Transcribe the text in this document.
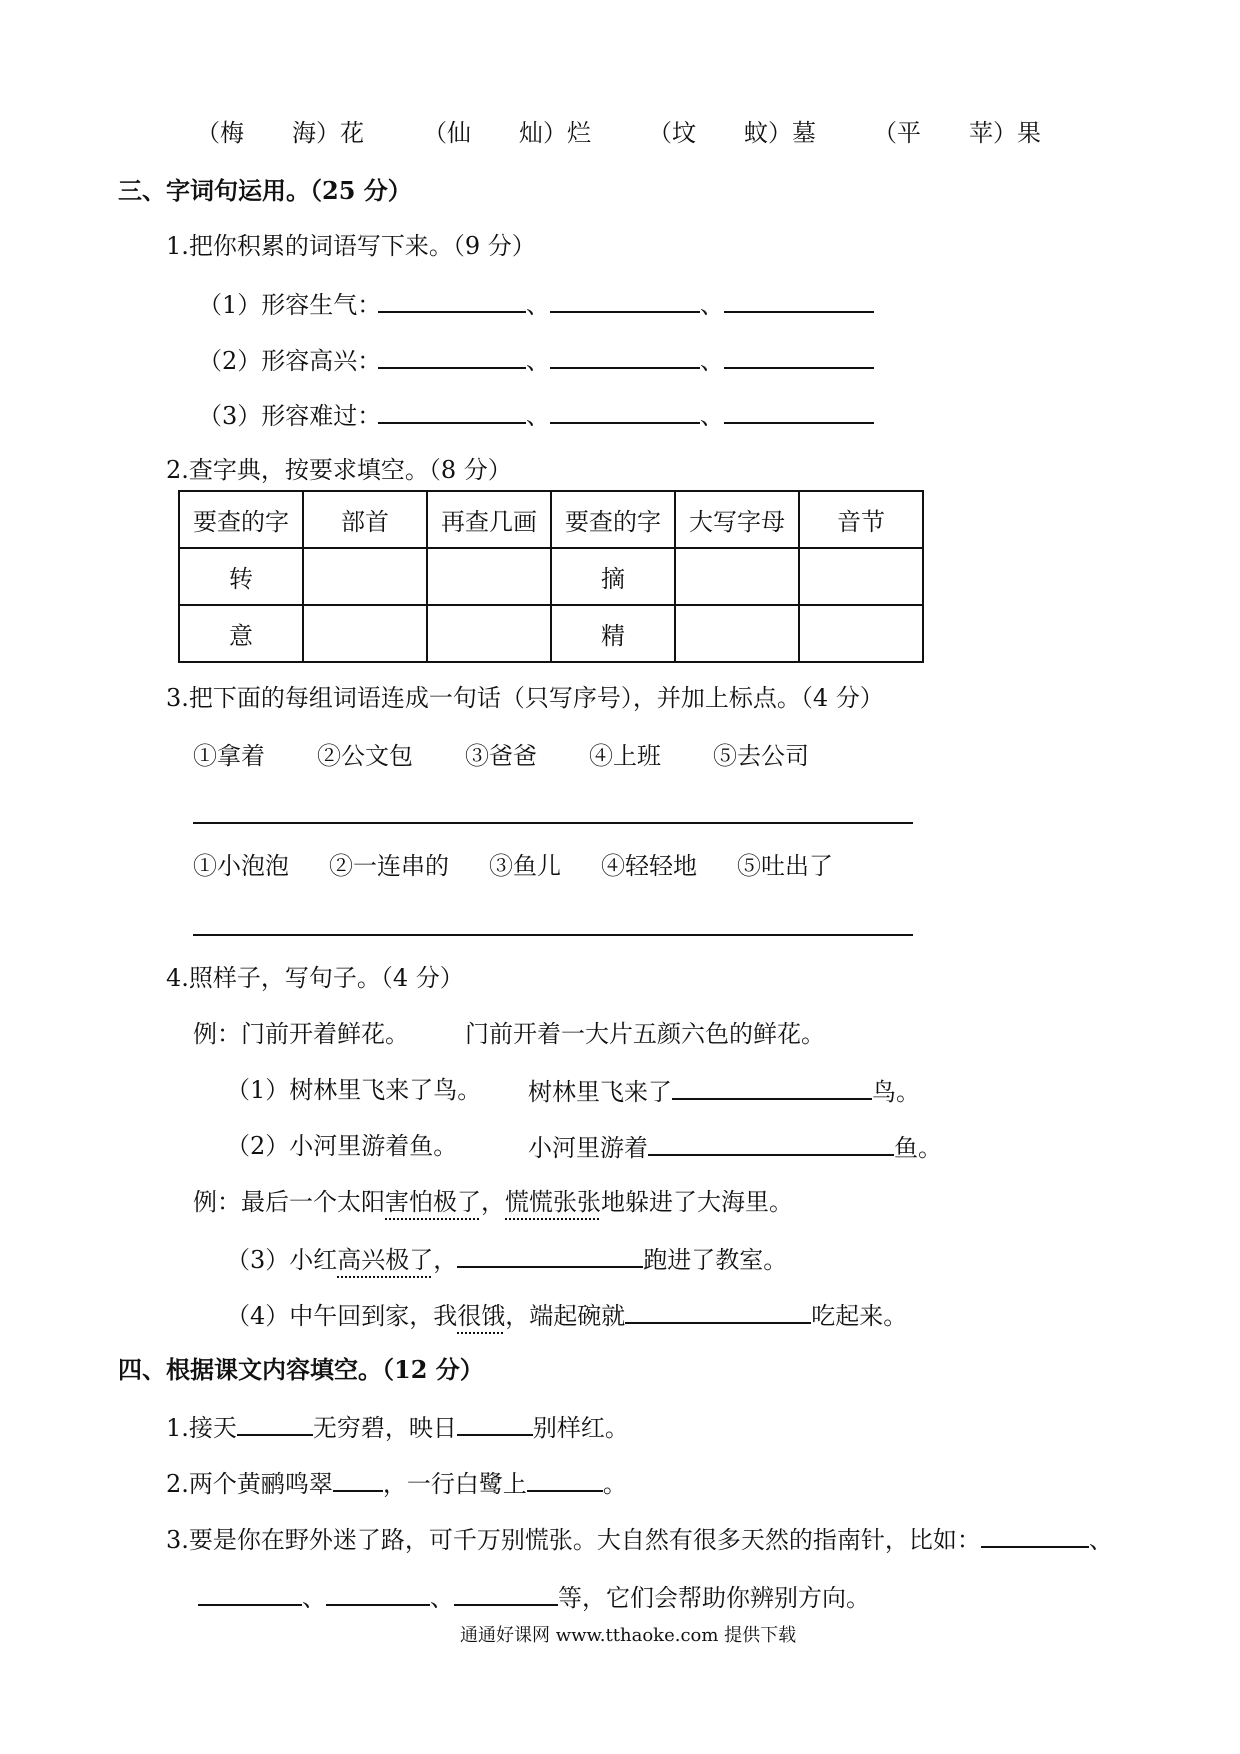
（梅　　海）花 （仙　　灿）烂 （坟　　蚊）墓 （平　　苹）果
三、字词句运用。（25 分）
1.把你积累的词语写下来。（9 分）
（1）形容生气：	、	、
（2）形容高兴：	、	、
（3）形容难过：	、	、
2.查字典，按要求填空。（8 分）
要查的字	部首	再查几画	要查的字	大写字母	音节
转			摘		
意			精		
3.把下面的每组词语连成一句话（只写序号），并加上标点。（4 分）
①拿着 ②公文包 ③爸爸 ④上班 ⑤去公司
①小泡泡 ②一连串的 ③鱼儿 ④轻轻地 ⑤吐出了
4.照样子，写句子。（4 分）
例：门前开着鲜花。 门前开着一大片五颜六色的鲜花。
（1）树林里飞来了鸟。 树林里飞来了	鸟。
（2）小河里游着鱼。	小河里游着	鱼。
例：最后一个太阳害怕极了，慌慌张张地躲进了大海里。
（3）小红高兴极了，	跑进了教室。
（4）中午回到家，我很饿，端起碗就	吃起来。
四、根据课文内容填空。（12 分）
1.接天	无穷碧，映日	别样红。
2.两个黄鹂鸣翠 ，一行白鹭上	。
3.要是你在野外迷了路，可千万别慌张。大自然有很多天然的指南针，比如：	、
、	、	等，它们会帮助你辨别方向。
通通好课网 www.tthaoke.com 提供下载
